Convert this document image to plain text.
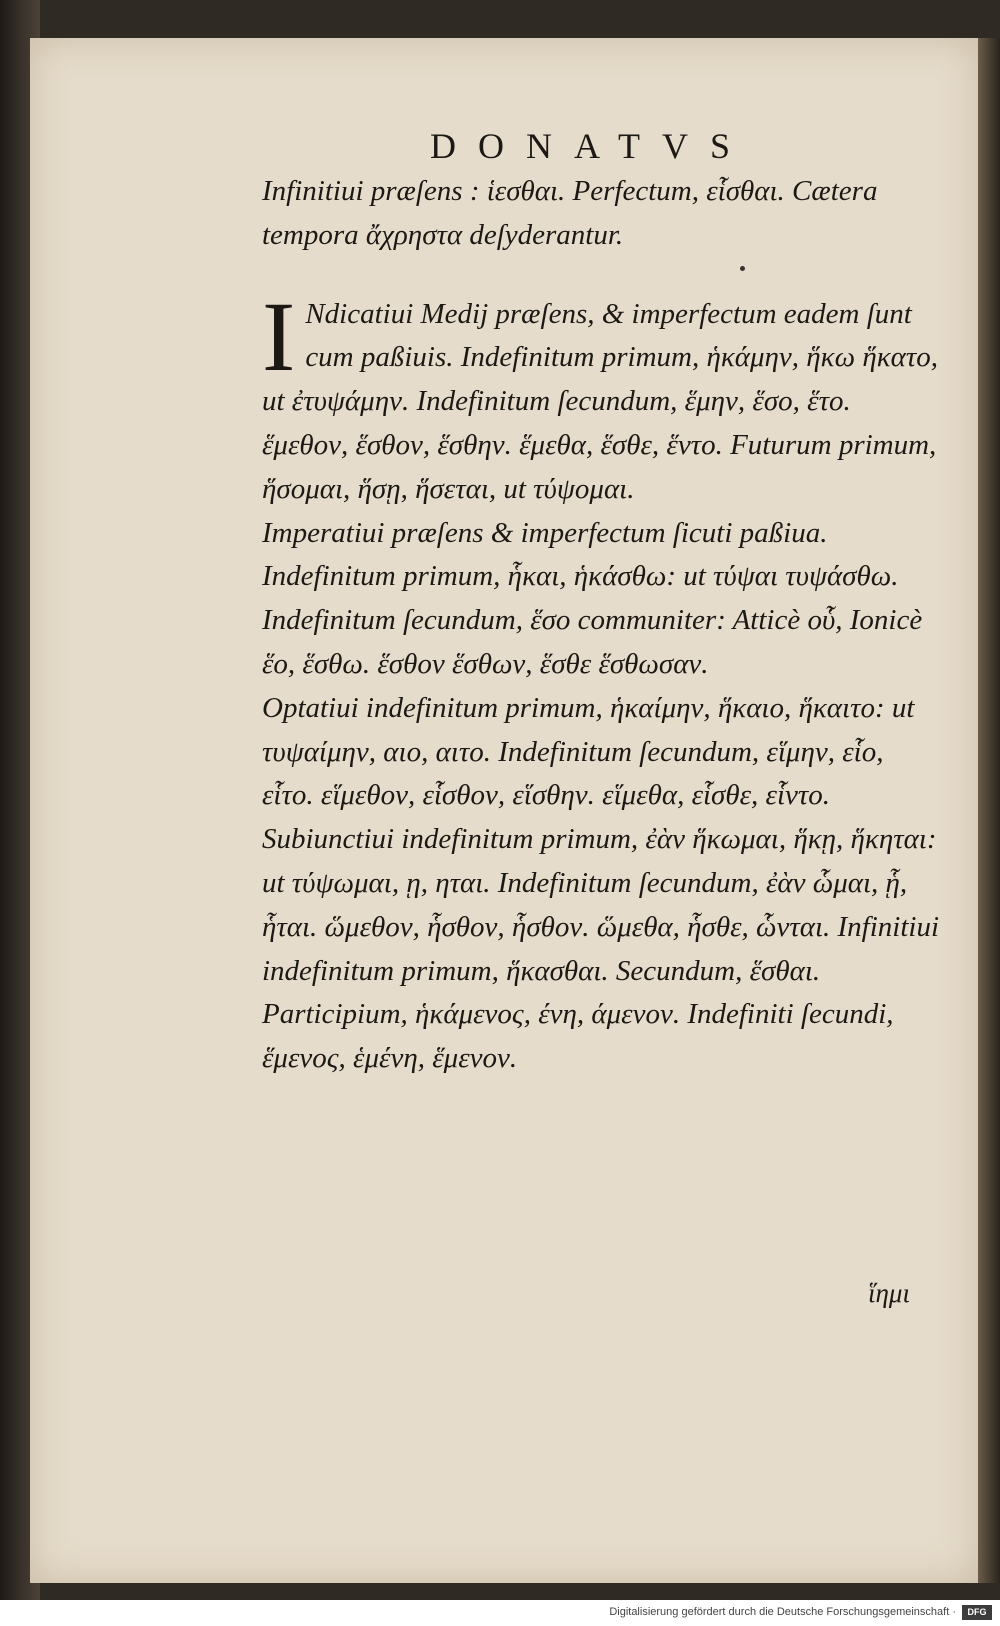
DONATVS

Infinitiui præſens : ἱεσθαι. Perfectum, εἷσθαι. Cætera tempora ἄχρηστα deſyderantur.

I Ndicatiui Medij præſens, & imperfectum eadem ſunt cum paßiuis. Indefinitum primum, ἡκάμην, ἥκω ἥκατο, ut ἐτυψάμην. Indefinitum ſecundum, ἕμην, ἕσο, ἕτο. ἕμεθον, ἕσθον, ἕσθην. ἕμεθα, ἕσθε, ἕντο. Futurum primum, ἥσομαι, ἥσῃ, ἥσεται, ut τύψομαι.

Imperatiui præſens & imperfectum ſicuti paßiua. Indefinitum primum, ἧκαι, ἡκάσθω: ut τύψαι τυψάσθω. Indefinitum ſecundum, ἕσο communiter: Atticè οὗ, Ionicè ἕο, ἕσθω. ἕσθον ἕσθων, ἕσθε ἕσθωσαν.

Optatiui indefinitum primum, ἡκαίμην, ἥκαιο, ἥκαιτο: ut τυψαίμην, αιο, αιτο. Indefinitum ſecundum, εἵμην, εἷο, εἷτο. εἵμεθον, εἷσθον, εἵσθην. εἵμεθα, εἷσθε, εἷντο.

Subiunctiui indefinitum primum, ἐὰν ἥκωμαι, ἥκῃ, ἥκηται: ut τύψωμαι, ῃ, ηται. Indefinitum ſecundum, ἐὰν ὧμαι, ᾗ, ἧται. ὥμεθον, ἧσθον, ἧσθον. ὥμεθα, ἧσθε, ὧνται. Infinitiui indefinitum primum, ἥκασθαι. Secundum, ἕσθαι. Participium, ἡκάμενος, ένη, άμενον. Indefiniti ſecundi, ἕμενος, ἑμένη, ἕμενον.

ἵημι
Digitalisierung gefördert durch die Deutsche Forschungsgemeinschaft ·	DFG
